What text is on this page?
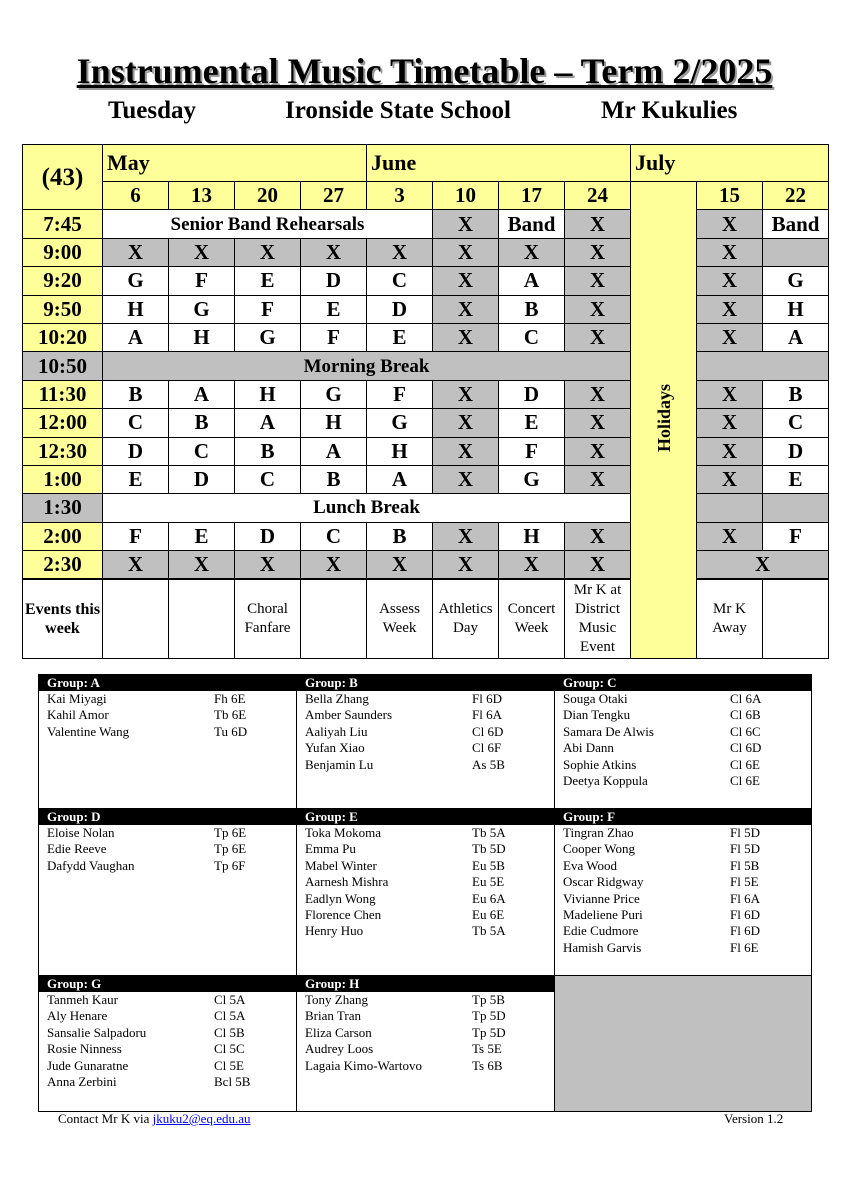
Instrumental Music Timetable – Term 2/2025
Tuesday	Ironside State School	Mr Kukulies
(43)	May				June				July		
	6	13	20	27	3	10	17	24	Holidays	15	22
7:45	Senior Band Rehearsals					X	Band	X		X	Band
9:00	X	X	X	X	X	X	X	X		X	
9:20	G	F	E	D	C	X	A	X		X	G
9:50	H	G	F	E	D	X	B	X		X	H
10:20	A	H	G	F	E	X	C	X		X	A
10:50	Morning Break										
11:30	B	A	H	G	F	X	D	X		X	B
12:00	C	B	A	H	G	X	E	X		X	C
12:30	D	C	B	A	H	X	F	X		X	D
1:00	E	D	C	B	A	X	G	X		X	E
1:30	Lunch Break										
2:00	F	E	D	C	B	X	H	X		X	F
2:30	X	X	X	X	X	X	X	X		X	
Events this week			Choral Fanfare		Assess Week	Athletics Day	Concert Week	Mr K at District Music Event		Mr K Away	
Group: A
Kai Miyagi	Fh 6E
Kahil Amor	Tb 6E
Valentine Wang	Tu 6D
Group: B
Bella Zhang	Fl 6D
Amber Saunders	Fl 6A
Aaliyah Liu	Cl 6D
Yufan Xiao	Cl 6F
Benjamin Lu	As 5B
Group: C
Souga Otaki	Cl 6A
Dian Tengku	Cl 6B
Samara De Alwis	Cl 6C
Abi Dann	Cl 6D
Sophie Atkins	Cl 6E
Deetya Koppula	Cl 6E
Group: D
Eloise Nolan	Tp 6E
Edie Reeve	Tp 6E
Dafydd Vaughan	Tp 6F
Group: E
Toka Mokoma	Tb 5A
Emma Pu	Tb 5D
Mabel Winter	Eu 5B
Aarnesh Mishra	Eu 5E
Eadlyn Wong	Eu 6A
Florence Chen	Eu 6E
Henry Huo	Tb 5A
Group: F
Tingran Zhao	Fl 5D
Cooper Wong	Fl 5D
Eva Wood	Fl 5B
Oscar Ridgway	Fl 5E
Vivianne Price	Fl 6A
Madeliene Puri	Fl 6D
Edie Cudmore	Fl 6D
Hamish Garvis	Fl 6E
Group: G
Tanmeh Kaur	Cl 5A
Aly Henare	Cl 5A
Sansalie Salpadoru	Cl 5B
Rosie Ninness	Cl 5C
Jude Gunaratne	Cl 5E
Anna Zerbini	Bcl 5B
Group: H
Tony Zhang	Tp 5B
Brian Tran	Tp 5D
Eliza Carson	Tp 5D
Audrey Loos	Ts 5E
Lagaia Kimo-Wartovo	Ts 6B
Contact Mr K via jkuku2@eq.edu.au	Version 1.2
